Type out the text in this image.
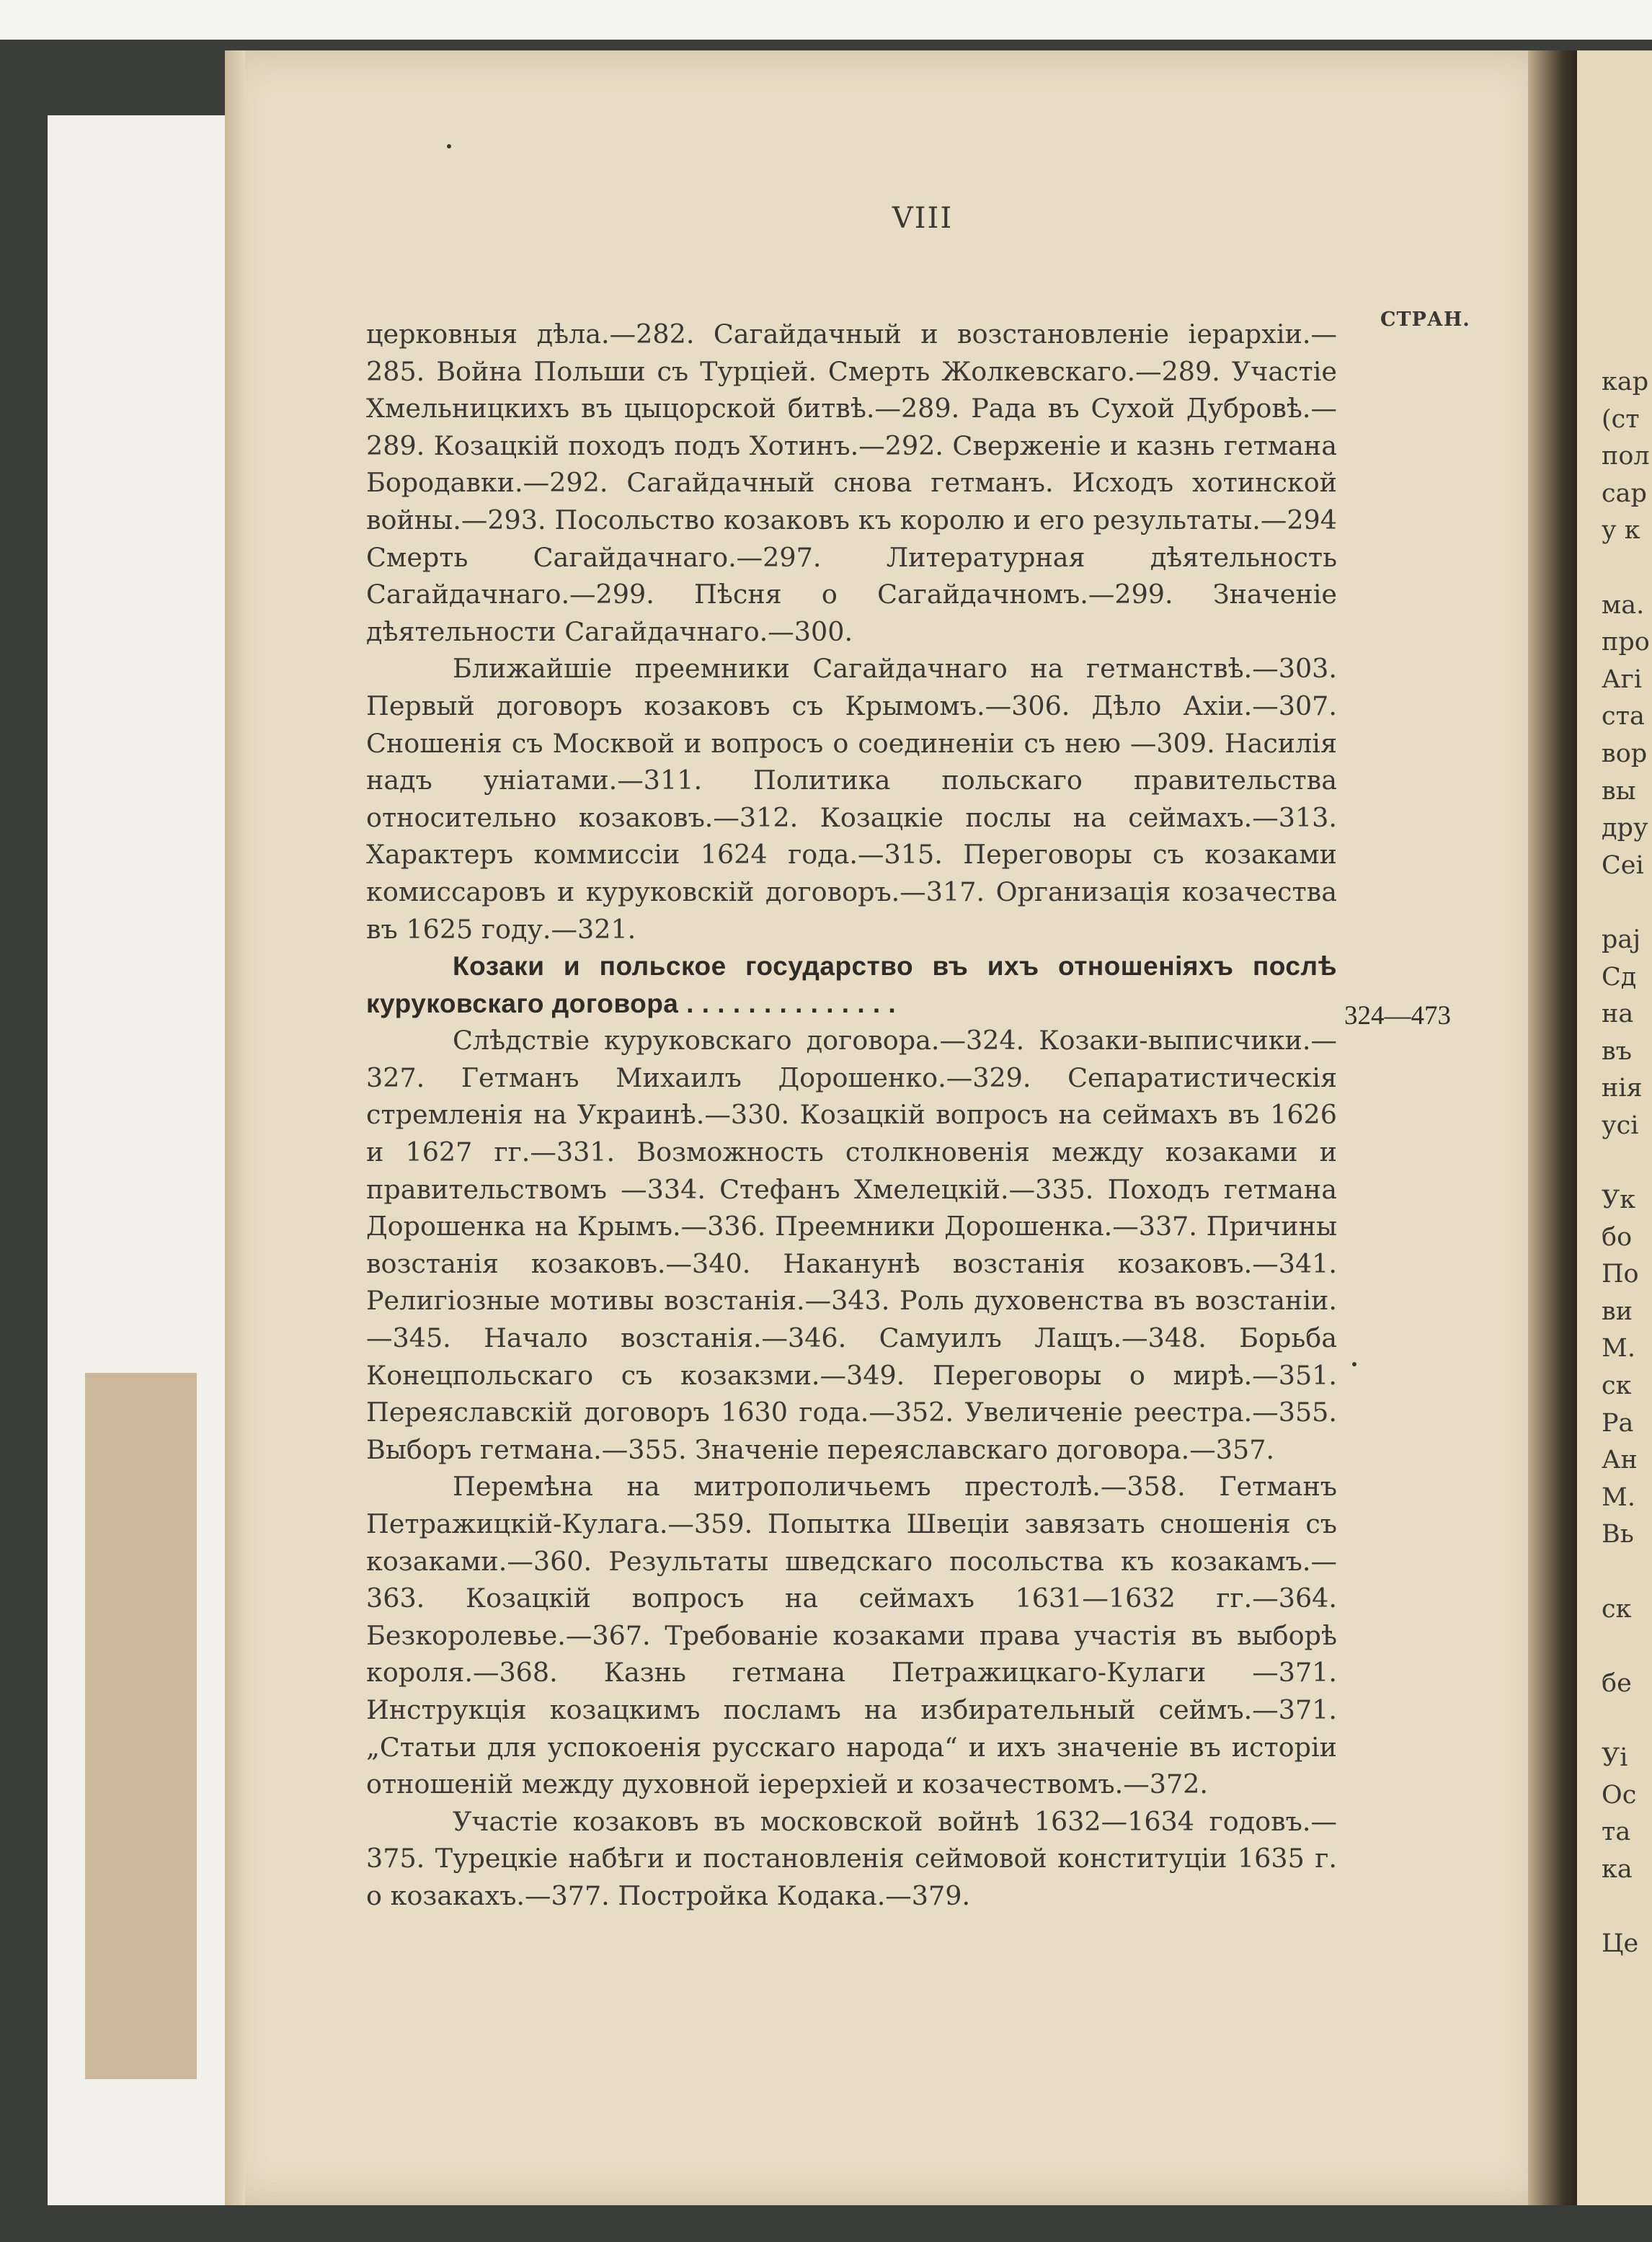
VIII
СТРАН.

церковныя дѣла.—282. Сагайдачный и возстановленіе іерархіи.—285. Война Польши съ Турціей. Смерть Жолкевскаго.—289. Участіе Хмельницкихъ въ цыцорской битвѣ.—289. Рада въ Сухой Дубровѣ.—289. Козацкій походъ подъ Хотинъ.—292. Сверженіе и казнь гетмана Бородавки.—292. Сагайдачный снова гетманъ. Исходъ хотинской войны.—293. Посольство козаковъ къ королю и его результаты.—294 Смерть Сагайдачнаго.—297. Литературная дѣятельность Сагайдачнаго.—299. Пѣсня о Сагайдачномъ.—299. Значеніе дѣятельности Сагайдачнаго.—300.

Ближайшіе преемники Сагайдачнаго на гетманствѣ.—303. Первый договоръ козаковъ съ Крымомъ.—306. Дѣло Ахіи.—307. Сношенія съ Москвой и вопросъ о соединеніи съ нею —309. Насилія надъ уніатами.—311. Политика польскаго правительства относительно козаковъ.—312. Козацкіе послы на сеймахъ.—313. Характеръ коммиссіи 1624 года.—315. Переговоры съ козаками комиссаровъ и куруковскій договоръ.—317. Организація козачества въ 1625 году.—321.

Козаки и польское государство въ ихъ отношеніяхъ послѣ куруковскаго договора . . . . . . . . . . . . . .

Слѣдствіе куруковскаго договора.—324. Козаки-выписчики.—327. Гетманъ Михаилъ Дорошенко.—329. Сепаратистическія стремленія на Украинѣ.—330. Козацкій вопросъ на сеймахъ въ 1626 и 1627 гг.—331. Возможность столкновенія между козаками и правительствомъ —334. Стефанъ Хмелецкій.—335. Походъ гетмана Дорошенка на Крымъ.—336. Преемники Дорошенка.—337. Причины возстанія козаковъ.—340. Наканунѣ возстанія козаковъ.—341. Религіозные мотивы возстанія.—343. Роль духовенства въ возстаніи.—345. Начало возстанія.—346. Самуилъ Лащъ.—348. Борьба Конецпольскаго съ козакзми.—349. Переговоры о мирѣ.—351. Переяславскій договоръ 1630 года.—352. Увеличеніе реестра.—355. Выборъ гетмана.—355. Значеніе переяславскаго договора.—357.

Перемѣна на митрополичьемъ престолѣ.—358. Гетманъ Петражицкій-Кулага.—359. Попытка Швеціи завязать сношенія съ козаками.—360. Результаты шведскаго посольства къ козакамъ.—363. Козацкій вопросъ на сеймахъ 1631—1632 гг.—364. Безкоролевье.—367. Требованіе козаками права участія въ выборѣ короля.—368. Казнь гетмана Петражицкаго-Кулаги —371. Инструкція козацкимъ посламъ на избирательный сеймъ.—371. „Статьи для успокоенія русскаго народа“ и ихъ значеніе въ исторіи отношеній между духовной іерерхіей и козачествомъ.—372.

Участіе козаковъ въ московской войнѣ 1632—1634 годовъ.—375. Турецкіе набѣги и постановленія сеймовой конституціи 1635 г. о козакахъ.—377. Постройка Кодака.—379.

324—473
кар
(ст
пол
сар
у к
ма.
про
Агі
ста
вор
вы
дру
Сеі
рај
Сд
на
въ
нія
усі
Ук
бо
По
ви
М.
ск
Ра
Ан
М.
Вь
ск
бе
Уі
Ос
та
ка
Це
